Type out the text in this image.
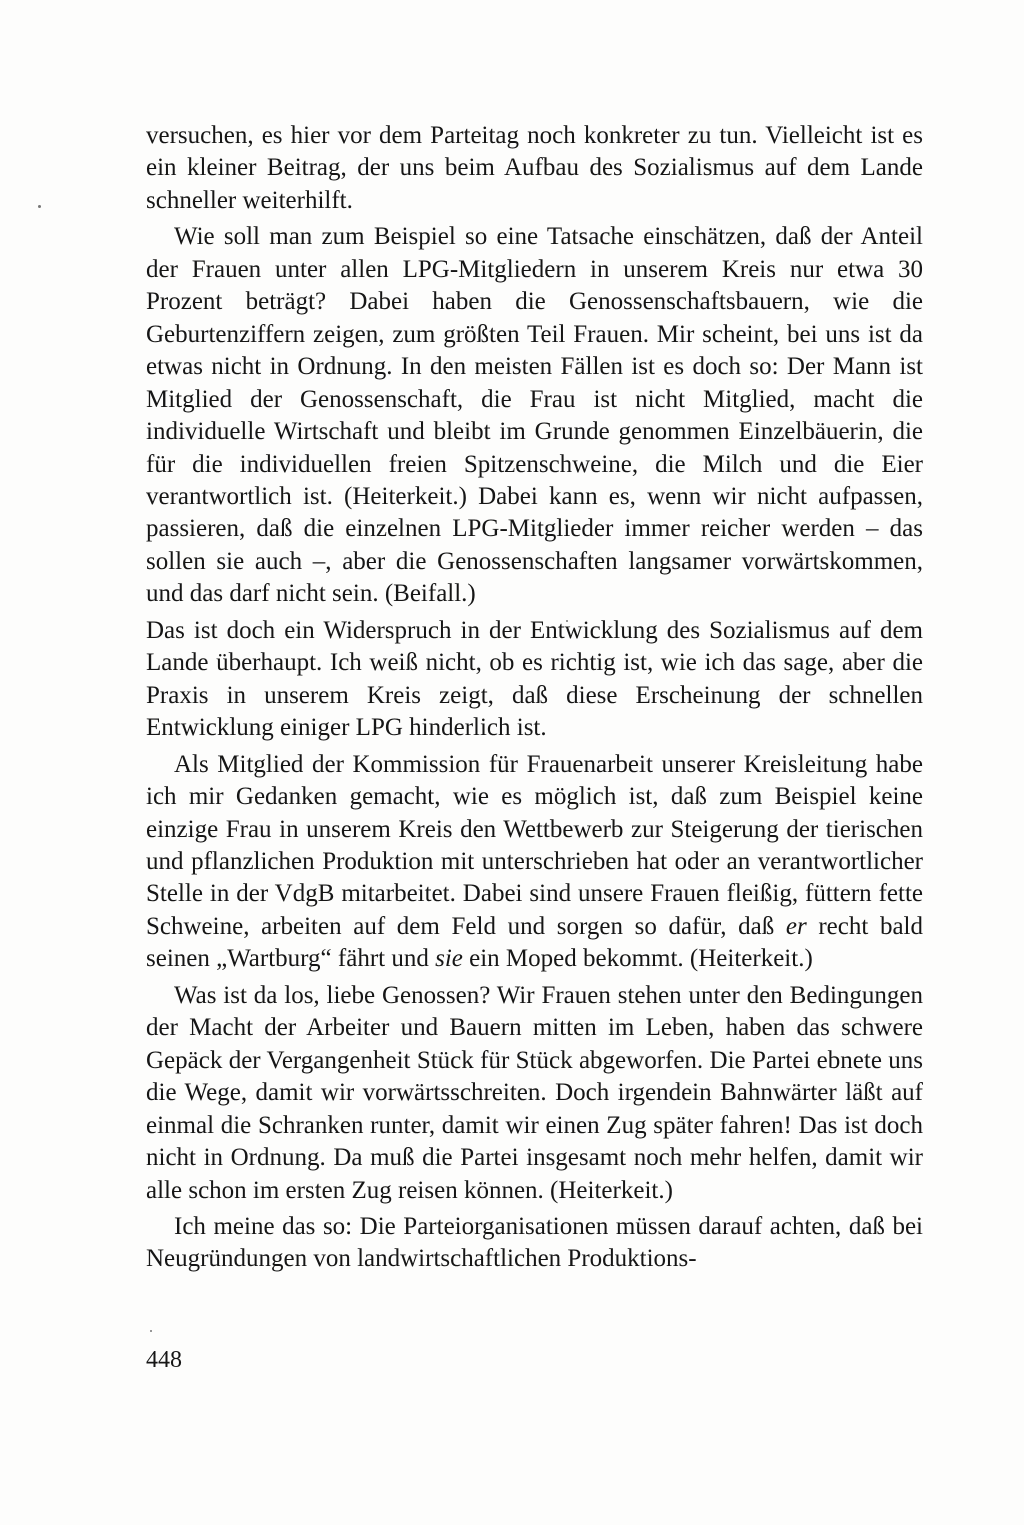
versuchen, es hier vor dem Parteitag noch konkreter zu tun. Vielleicht ist es ein kleiner Beitrag, der uns beim Aufbau des Sozialismus auf dem Lande schneller weiterhilft.

Wie soll man zum Beispiel so eine Tatsache einschätzen, daß der Anteil der Frauen unter allen LPG-Mitgliedern in unserem Kreis nur etwa 30 Prozent beträgt? Dabei haben die Genossenschaftsbauern, wie die Geburtenziffern zeigen, zum größten Teil Frauen. Mir scheint, bei uns ist da etwas nicht in Ordnung. In den meisten Fällen ist es doch so: Der Mann ist Mitglied der Genossenschaft, die Frau ist nicht Mitglied, macht die individuelle Wirtschaft und bleibt im Grunde genommen Einzelbäuerin, die für die individuellen freien Spitzenschweine, die Milch und die Eier verantwortlich ist. (Heiterkeit.) Dabei kann es, wenn wir nicht aufpassen, passieren, daß die einzelnen LPG-Mitglieder immer reicher werden – das sollen sie auch –, aber die Genossenschaften langsamer vorwärtskommen, und das darf nicht sein. (Beifall.)

Das ist doch ein Widerspruch in der Entwicklung des Sozialismus auf dem Lande überhaupt. Ich weiß nicht, ob es richtig ist, wie ich das sage, aber die Praxis in unserem Kreis zeigt, daß diese Erscheinung der schnellen Entwicklung einiger LPG hinderlich ist.

Als Mitglied der Kommission für Frauenarbeit unserer Kreisleitung habe ich mir Gedanken gemacht, wie es möglich ist, daß zum Beispiel keine einzige Frau in unserem Kreis den Wettbewerb zur Steigerung der tierischen und pflanzlichen Produktion mit unterschrieben hat oder an verantwortlicher Stelle in der VdgB mitarbeitet. Dabei sind unsere Frauen fleißig, füttern fette Schweine, arbeiten auf dem Feld und sorgen so dafür, daß er recht bald seinen „Wartburg“ fährt und sie ein Moped bekommt. (Heiterkeit.)

Was ist da los, liebe Genossen? Wir Frauen stehen unter den Bedingungen der Macht der Arbeiter und Bauern mitten im Leben, haben das schwere Gepäck der Vergangenheit Stück für Stück abgeworfen. Die Partei ebnete uns die Wege, damit wir vorwärtsschreiten. Doch irgendein Bahnwärter läßt auf einmal die Schranken runter, damit wir einen Zug später fahren! Das ist doch nicht in Ordnung. Da muß die Partei insgesamt noch mehr helfen, damit wir alle schon im ersten Zug reisen können. (Heiterkeit.)

Ich meine das so: Die Parteiorganisationen müssen darauf achten, daß bei Neugründungen von landwirtschaftlichen Produktions-

448
